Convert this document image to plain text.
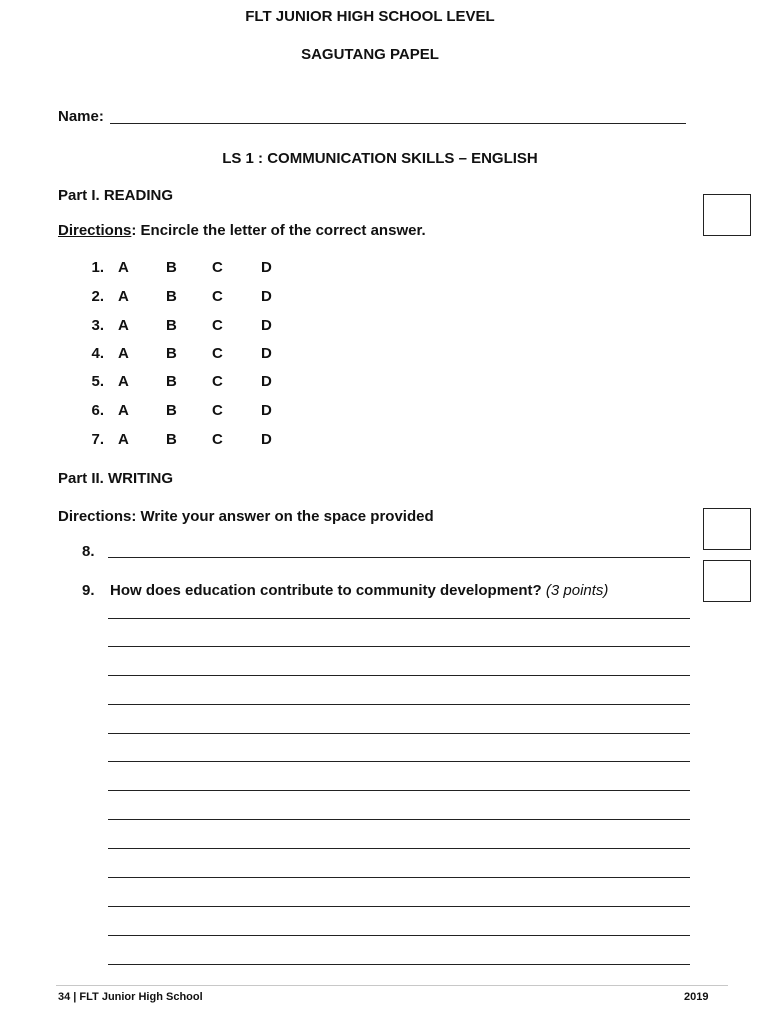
FLT JUNIOR HIGH SCHOOL LEVEL
SAGUTANG PAPEL
Name:
LS 1 : COMMUNICATION SKILLS – ENGLISH
Part I. READING
Directions: Encircle the letter of the correct answer.
1. A B C	D
2. A B C	D
3. A B C	D
4. A B C	D
5. A B C	D
6. A B C	D
7. A B C	D
Part II. WRITING
Directions: Write your answer on the space provided
8.
9. How does education contribute to community development? (3 points)
34 | FLT Junior High School	2019
